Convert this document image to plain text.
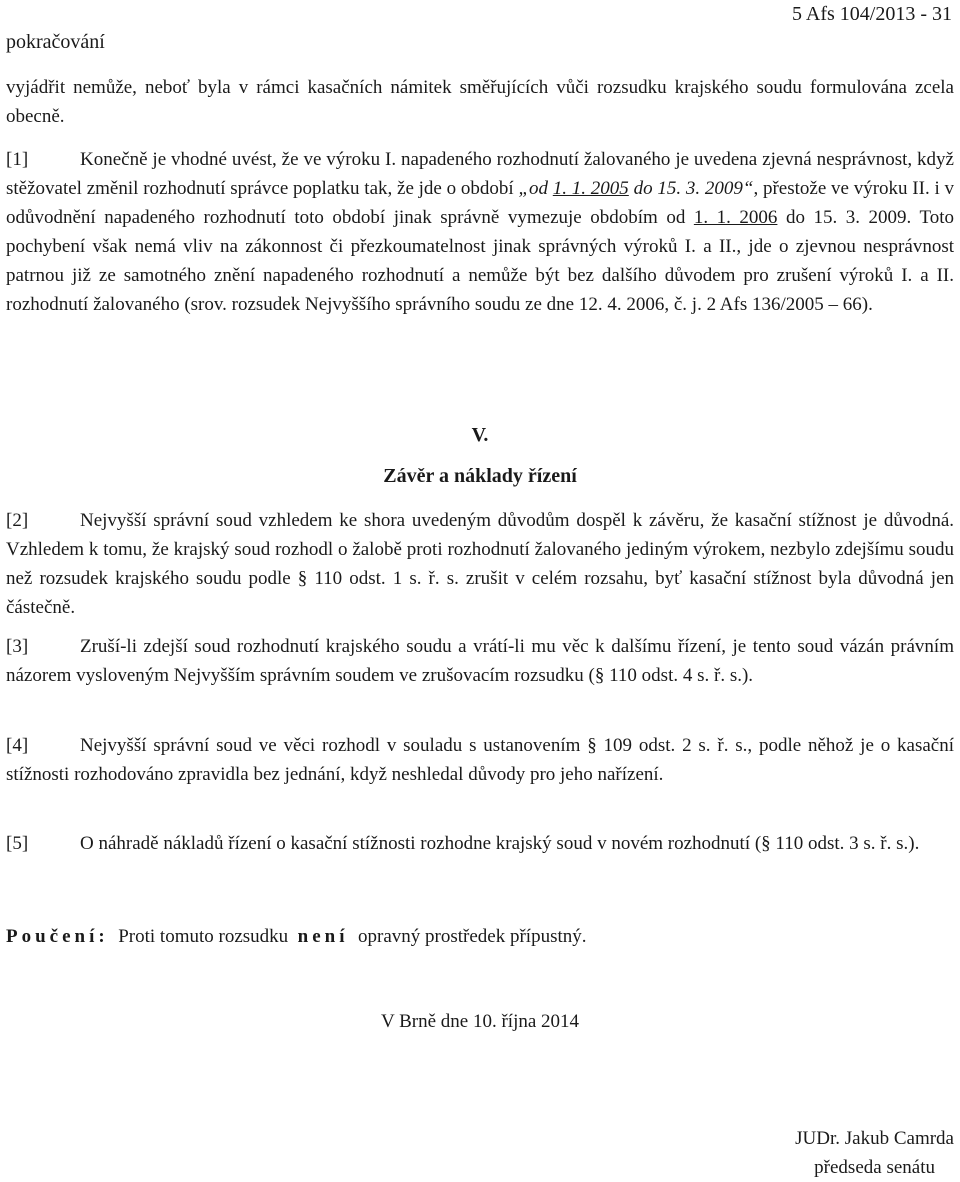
5 Afs 104/2013 - 31
pokračování
vyjádřit nemůže, neboť byla v rámci kasačních námitek směřujících vůči rozsudku krajského soudu formulována zcela obecně.
[1]	Konečně je vhodné uvést, že ve výroku I. napadeného rozhodnutí žalovaného je uvedena zjevná nesprávnost, když stěžovatel změnil rozhodnutí správce poplatku tak, že jde o období „od 1. 1. 2005 do 15. 3. 2009“, přestože ve výroku II. i v odůvodnění napadeného rozhodnutí toto období jinak správně vymezuje obdobím od 1. 1. 2006 do 15. 3. 2009. Toto pochybení však nemá vliv na zákonnost či přezkoumatelnost jinak správných výroků I. a II., jde o zjevnou nesprávnost patrnou již ze samotného znění napadeného rozhodnutí a nemůže být bez dalšího důvodem pro zrušení výroků I. a II. rozhodnutí žalovaného (srov. rozsudek Nejvyššího správního soudu ze dne 12. 4. 2006, č. j. 2 Afs 136/2005 – 66).
V.
Závěr a náklady řízení
[2]	Nejvyšší správní soud vzhledem ke shora uvedeným důvodům dospěl k závěru, že kasační stížnost je důvodná. Vzhledem k tomu, že krajský soud rozhodl o žalobě proti rozhodnutí žalovaného jediným výrokem, nezbylo zdejšímu soudu než rozsudek krajského soudu podle § 110 odst. 1 s. ř. s. zrušit v celém rozsahu, byť kasační stížnost byla důvodná jen částečně.
[3]	Zruší-li zdejší soud rozhodnutí krajského soudu a vrátí-li mu věc k dalšímu řízení, je tento soud vázán právním názorem vysloveným Nejvyšším správním soudem ve zrušovacím rozsudku (§ 110 odst. 4 s. ř. s.).
[4]	Nejvyšší správní soud ve věci rozhodl v souladu s ustanovením § 109 odst. 2 s. ř. s., podle něhož je o kasační stížnosti rozhodováno zpravidla bez jednání, když neshledal důvody pro jeho nařízení.
[5]	O náhradě nákladů řízení o kasační stížnosti rozhodne krajský soud v novém rozhodnutí (§ 110 odst. 3 s. ř. s.).
Poučení: Proti tomuto rozsudku není opravný prostředek přípustný.
V Brně dne 10. října 2014
JUDr. Jakub Camrda
předseda senátu
